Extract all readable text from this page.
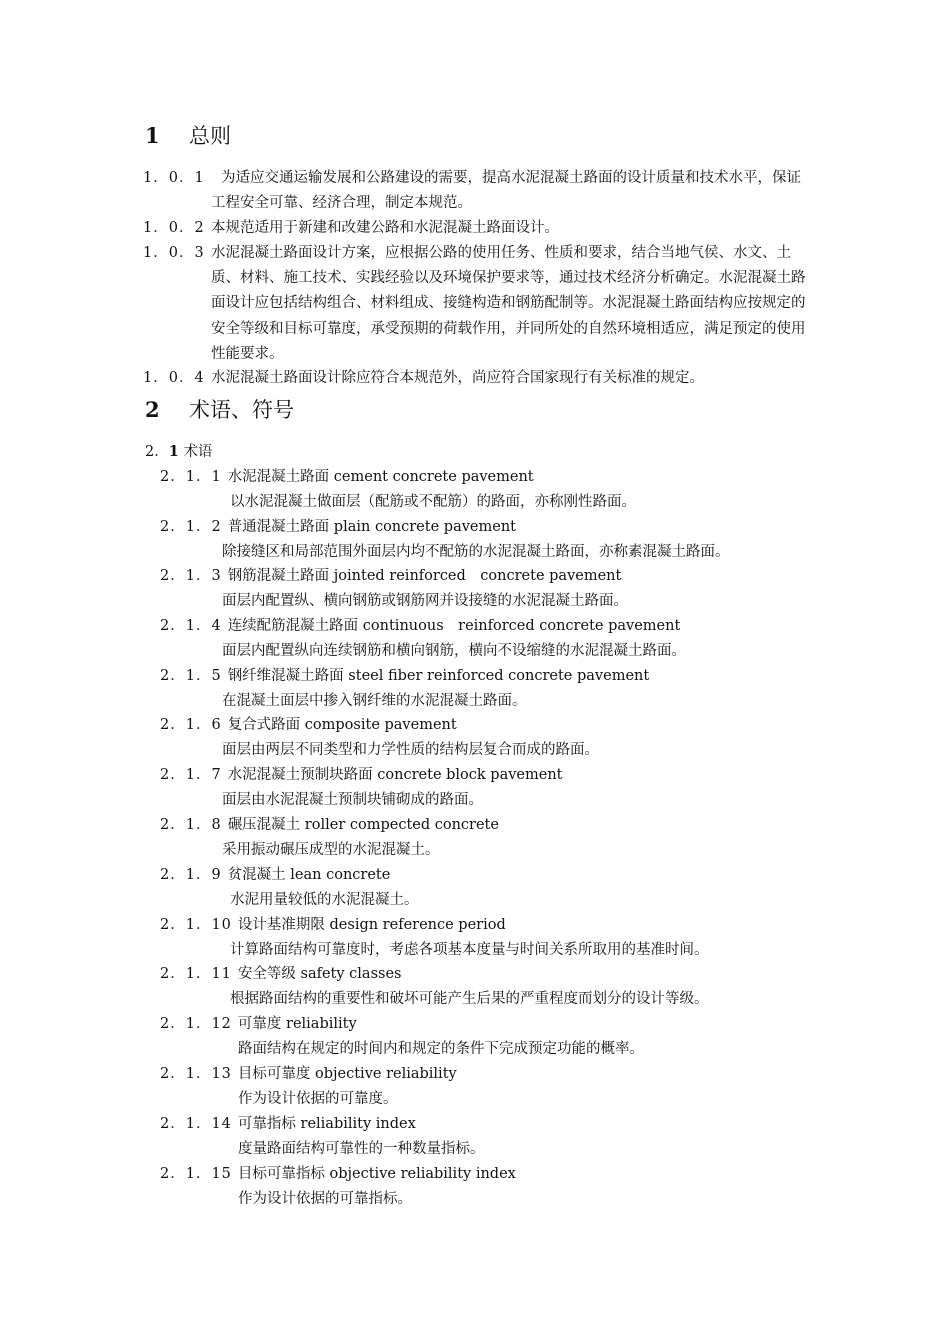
1 总则
1．0．1	为适应交通运输发展和公路建设的需要，提高水泥混凝土路面的设计质量和技术水平，保证工程安全可靠、经济合理，制定本规范。
1．0．2 本规范适用于新建和改建公路和水泥混凝土路面设计。
1．0．3 水泥混凝土路面设计方案，应根据公路的使用任务、性质和要求，结合当地气侯、水文、土质、材料、施工技术、实践经验以及环境保护要求等，通过技术经济分析确定。水泥混凝土路面设计应包括结构组合、材料组成、接缝构造和钢筋配制等。水泥混凝土路面结构应按规定的安全等级和目标可靠度，承受预期的荷载作用，并同所处的自然环境相适应，满足预定的使用性能要求。
1．0．4 水泥混凝土路面设计除应符合本规范外，尚应符合国家现行有关标准的规定。
2 术语、符号
2．1 术语
2．1．1 水泥混凝土路面 cement concrete pavement
以水泥混凝土做面层（配筋或不配筋）的路面，亦称刚性路面。
2．1．2 普通混凝土路面 plain concrete pavement
除接缝区和局部范围外面层内均不配筋的水泥混凝土路面，亦称素混凝土路面。
2．1．3 钢筋混凝土路面 jointed reinforced　concrete pavement
面层内配置纵、横向钢筋或钢筋网并设接缝的水泥混凝土路面。
2．1．4 连续配筋混凝土路面 continuous　reinforced concrete pavement
面层内配置纵向连续钢筋和横向钢筋，横向不设缩缝的水泥混凝土路面。
2．1．5 钢纤维混凝土路面 steel fiber reinforced concrete pavement
在混凝土面层中掺入钢纤维的水泥混凝土路面。
2．1．6 复合式路面 composite pavement
面层由两层不同类型和力学性质的结构层复合而成的路面。
2．1．7 水泥混凝土预制块路面 concrete block pavement
面层由水泥混凝土预制块铺砌成的路面。
2．1．8 碾压混凝土 roller compected concrete
采用振动碾压成型的水泥混凝土。
2．1．9 贫混凝土 lean concrete
水泥用量较低的水泥混凝土。
2．1．10 设计基准期限 design reference period
计算路面结构可靠度时，考虑各项基本度量与时间关系所取用的基准时间。
2．1．11 安全等级 safety classes
根据路面结构的重要性和破坏可能产生后果的严重程度而划分的设计等级。
2．1．12 可靠度 reliability
路面结构在规定的时间内和规定的条件下完成预定功能的概率。
2．1．13 目标可靠度 objective reliability
作为设计依据的可靠度。
2．1．14 可靠指标 reliability index
度量路面结构可靠性的一种数量指标。
2．1．15 目标可靠指标 objective reliability index
作为设计依据的可靠指标。
